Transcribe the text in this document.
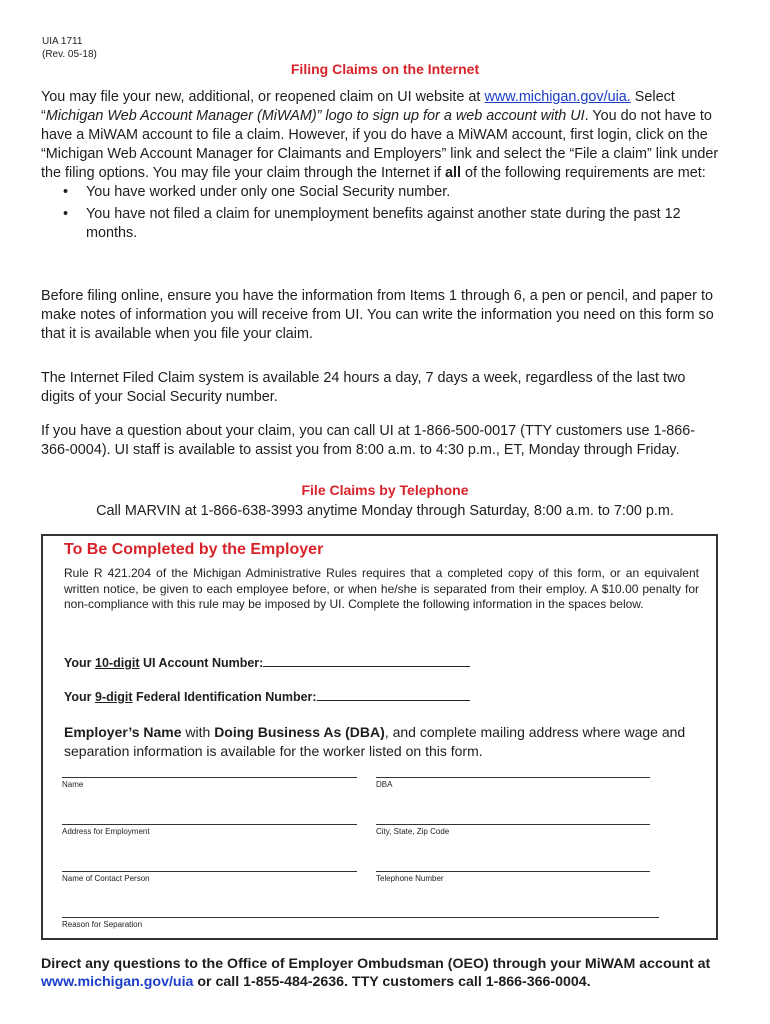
UIA 1711
(Rev. 05-18)
Filing Claims on the Internet

You may file your new, additional, or reopened claim on UI website at www.michigan.gov/uia. Select “Michigan Web Account Manager (MiWAM)” logo to sign up for a web account with UI. You do not have to have a MiWAM account to file a claim. However, if you do have a MiWAM account, first login, click on the “Michigan Web Account Manager for Claimants and Employers” link and select the “File a claim” link under the filing options. You may file your claim through the Internet if all of the following requirements are met:

• You have worked under only one Social Security number.
• You have not filed a claim for unemployment benefits against another state during the past 12 months.
Before filing online, ensure you have the information from Items 1 through 6, a pen or pencil, and paper to make notes of information you will receive from UI. You can write the information you need on this form so that it is available when you file your claim.
The Internet Filed Claim system is available 24 hours a day, 7 days a week, regardless of the last two digits of your Social Security number.
If you have a question about your claim, you can call UI at 1-866-500-0017 (TTY customers use 1-866-366-0004). UI staff is available to assist you from 8:00 a.m. to 4:30 p.m., ET, Monday through Friday.
File Claims by Telephone
Call MARVIN at 1-866-638-3993 anytime Monday through Saturday, 8:00 a.m. to 7:00 p.m.
To Be Completed by the Employer
Rule R 421.204 of the Michigan Administrative Rules requires that a completed copy of this form, or an equivalent written notice, be given to each employee before, or when he/she is separated from their employ. A $10.00 penalty for non-compliance with this rule may be imposed by UI. Complete the following information in the spaces below.
Your 10-digit UI Account Number:
Your 9-digit Federal Identification Number:
Employer’s Name with Doing Business As (DBA), and complete mailing address where wage and separation information is available for the worker listed on this form.
Name	DBA
Address for Employment	City, State, Zip Code
Name of Contact Person	Telephone Number
Reason for Separation
Direct any questions to the Office of Employer Ombudsman (OEO) through your MiWAM account at www.michigan.gov/uia or call 1-855-484-2636. TTY customers call 1-866-366-0004.
